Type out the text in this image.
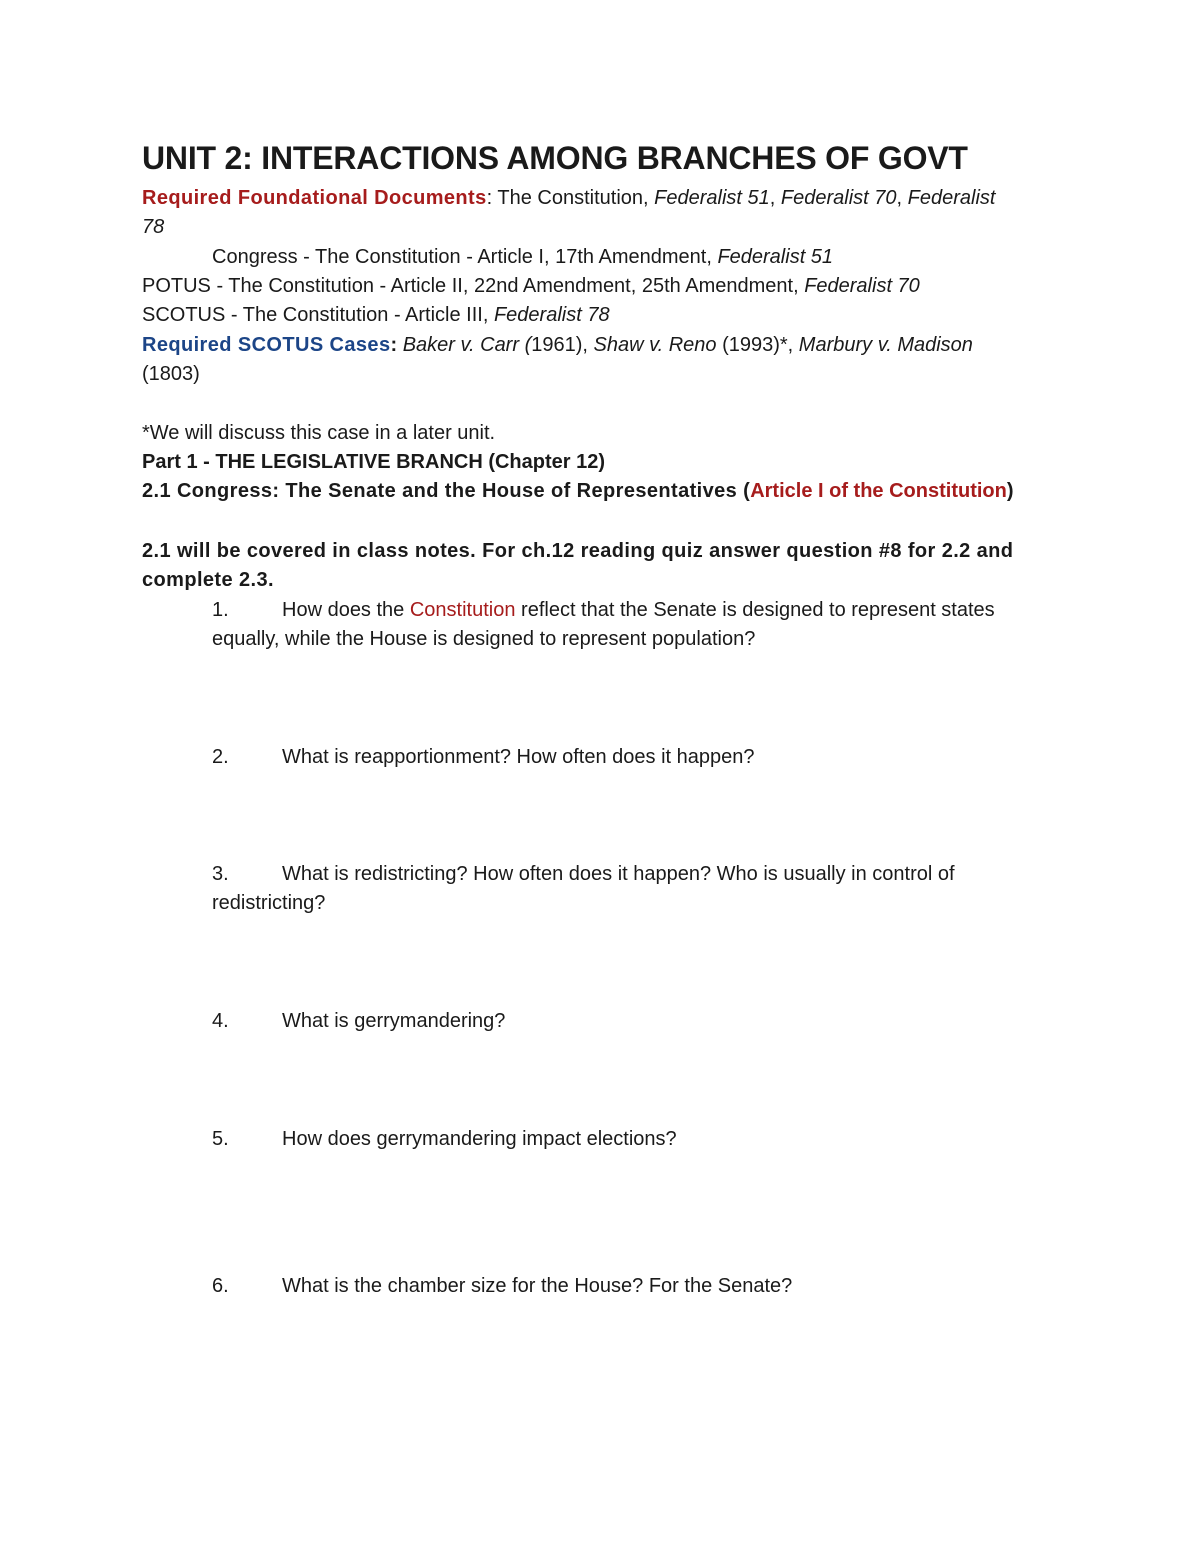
UNIT 2: INTERACTIONS AMONG BRANCHES OF GOVT
Required Foundational Documents: The Constitution, Federalist 51, Federalist 70, Federalist
78
Congress - The Constitution - Article I, 17th Amendment, Federalist 51
POTUS - The Constitution - Article II, 22nd Amendment, 25th Amendment, Federalist 70
SCOTUS - The Constitution - Article III, Federalist 78
Required SCOTUS Cases: Baker v. Carr (1961), Shaw v. Reno (1993)*, Marbury v. Madison
(1803)
*We will discuss this case in a later unit.
Part 1 - THE LEGISLATIVE BRANCH (Chapter 12)
2.1 Congress: The Senate and the House of Representatives (Article I of the Constitution)
2.1 will be covered in class notes. For ch.12 reading quiz answer question #8 for 2.2 and
complete 2.3.
1.	How does the Constitution reflect that the Senate is designed to represent states
equally, while the House is designed to represent population?
2.	What is reapportionment? How often does it happen?
3.	What is redistricting? How often does it happen? Who is usually in control of
redistricting?
4.	What is gerrymandering?
5.	How does gerrymandering impact elections?
6.	What is the chamber size for the House? For the Senate?
